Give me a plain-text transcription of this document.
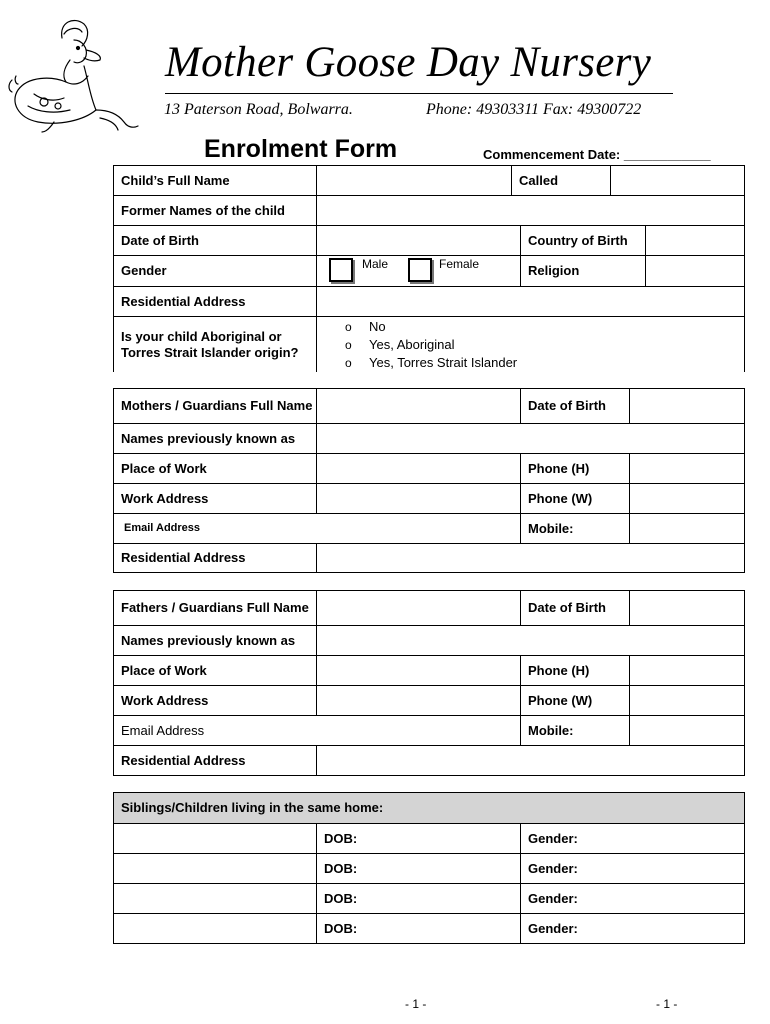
Mother Goose Day Nursery
13 Paterson Road, Bolwarra.	Phone: 49303311 Fax: 49300722
Enrolment Form	Commencement Date: ____________
Child’s Full Name	Called
Former Names of the child
Date of Birth	Country of Birth
Gender	Male	Female	Religion
Residential Address
Is your child Aboriginal or Torres Strait Islander origin?
o No
o Yes, Aboriginal
o Yes, Torres Strait Islander
Mothers / Guardians Full Name	Date of Birth
Names previously known as
Place of Work	Phone (H)
Work Address	Phone (W)
Email Address	Mobile:
Residential Address
Fathers / Guardians Full Name	Date of Birth
Names previously known as
Place of Work	Phone (H)
Work Address	Phone (W)
Email Address	Mobile:
Residential Address
Siblings/Children living in the same home:
DOB:	Gender:
DOB:	Gender:
DOB:	Gender:
DOB:	Gender:
- 1 -	- 1 -
